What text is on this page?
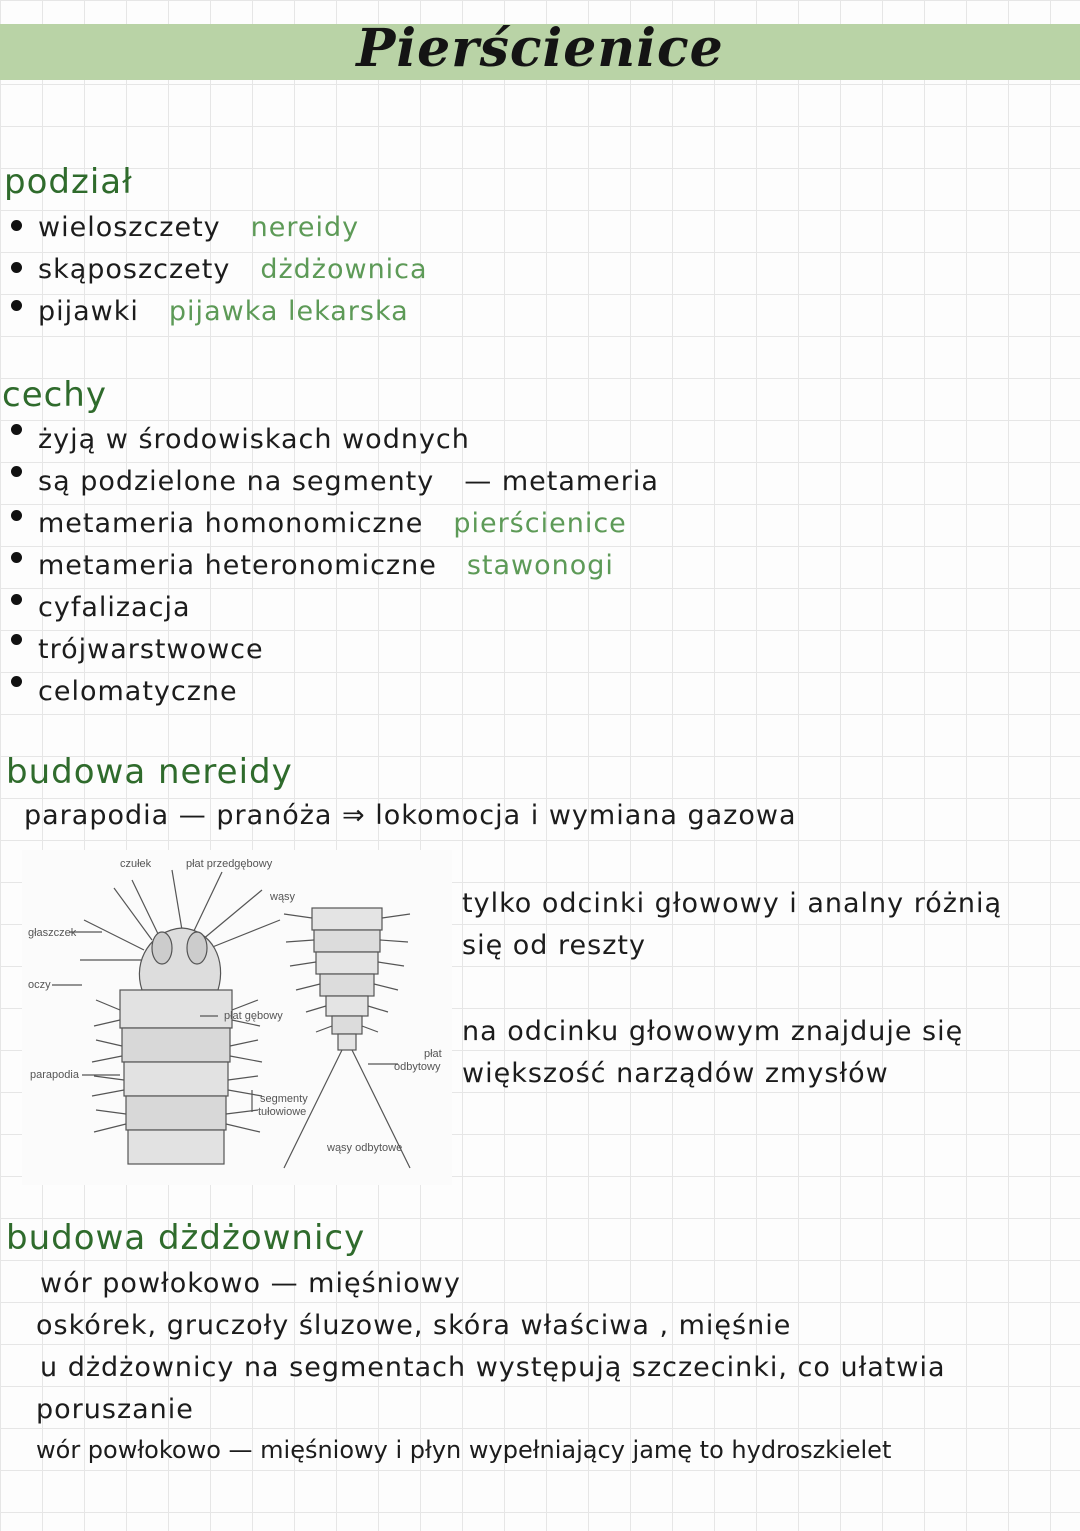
Pierścienice
podział
wieloszczety nereidy
skąposzczety dżdżownica
pijawki pijawka lekarska
cechy
żyją w środowiskach wodnych
są podzielone na segmenty — metameria
metameria homonomiczne pierścienice
metameria heteronomiczne stawonogi
cyfalizacja
trójwarstwowce
celomatyczne
budowa nereidy
parapodia — pranóża ⇒ lokomocja i wymiana gazowa
czułek	płat przedgębowy
wąsy
głaszczek
oczy
płat gębowy
parapodia
płat
odbytowy
segmenty
tułowiowe
wąsy odbytowe
tylko odcinki głowowy i analny różnią
się od reszty
na odcinku głowowym znajduje się
większość narządów zmysłów
budowa dżdżownicy
wór powłokowo — mięśniowy
oskórek, gruczoły śluzowe, skóra właściwa , mięśnie
u dżdżownicy na segmentach występują szczecinki, co ułatwia
poruszanie
wór powłokowo — mięśniowy i płyn wypełniający jamę to hydroszkielet
